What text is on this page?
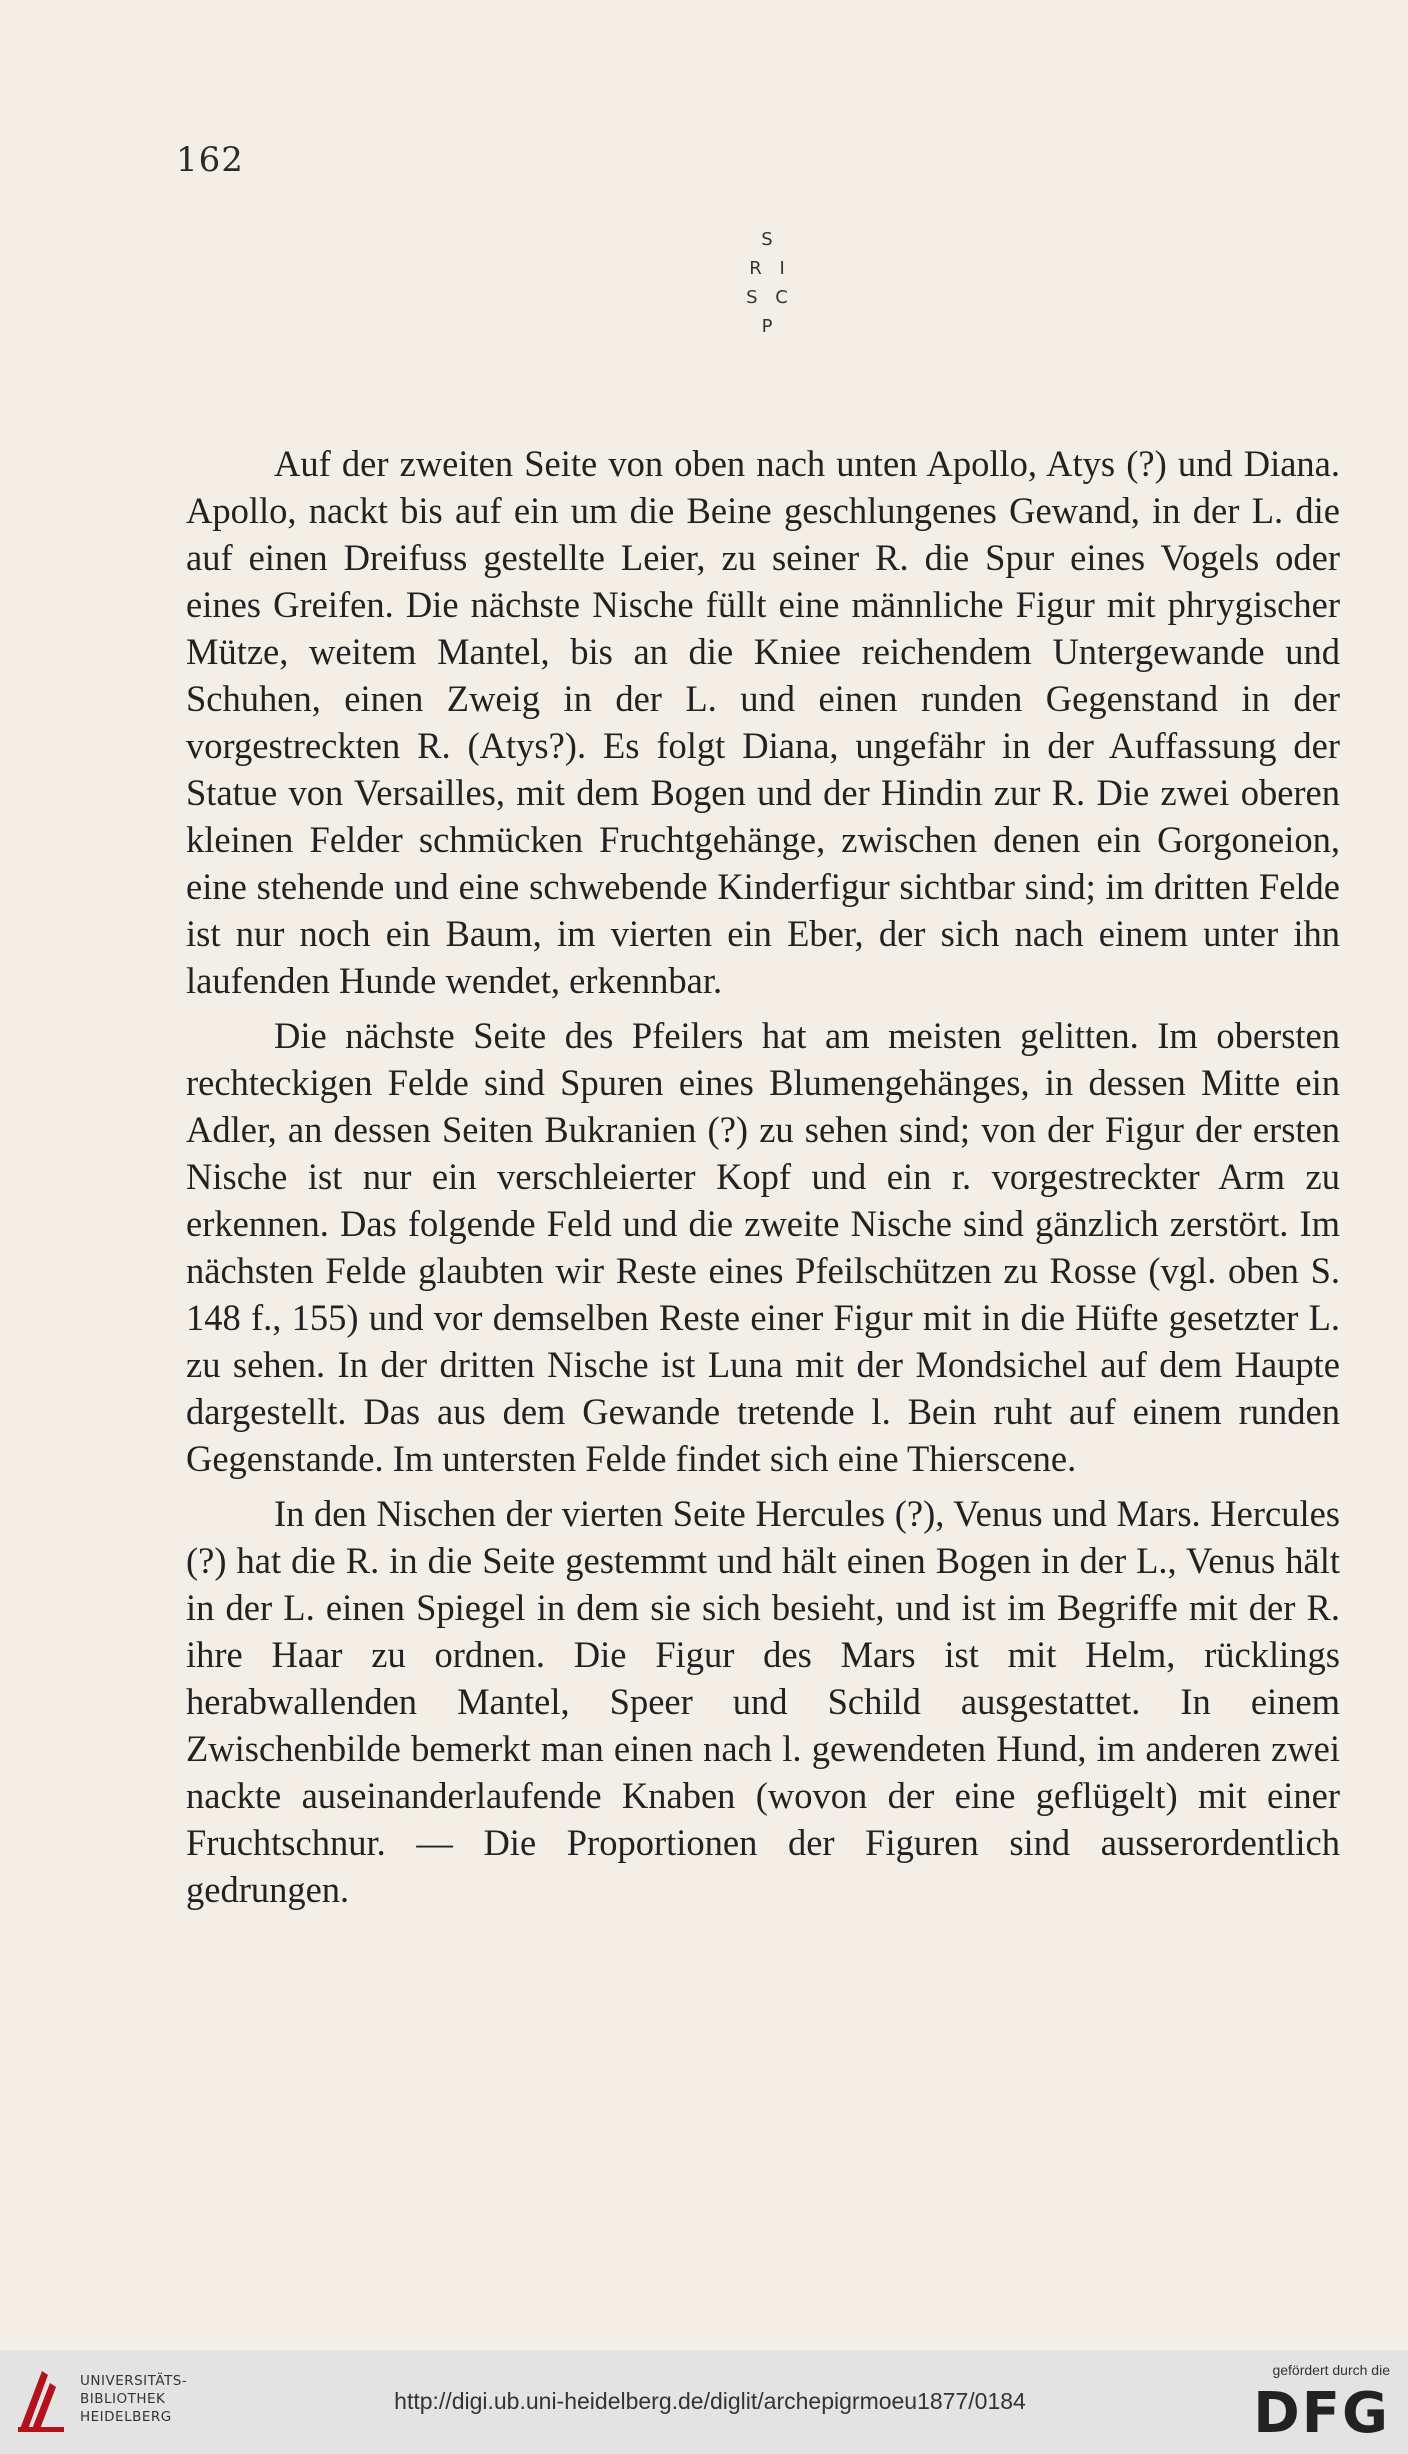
162
S
R I
S C
P

Auf der zweiten Seite von oben nach unten Apollo, Atys (?) und Diana. Apollo, nackt bis auf ein um die Beine geschlungenes Gewand, in der L. die auf einen Dreifuss gestellte Leier, zu seiner R. die Spur eines Vogels oder eines Greifen. Die nächste Nische füllt eine männliche Figur mit phrygischer Mütze, weitem Mantel, bis an die Kniee reichendem Untergewande und Schuhen, einen Zweig in der L. und einen runden Gegenstand in der vorgestreckten R. (Atys?). Es folgt Diana, ungefähr in der Auffassung der Statue von Versailles, mit dem Bogen und der Hindin zur R. Die zwei oberen kleinen Felder schmücken Fruchtgehänge, zwischen denen ein Gorgoneion, eine stehende und eine schwebende Kinderfigur sichtbar sind; im dritten Felde ist nur noch ein Baum, im vierten ein Eber, der sich nach einem unter ihn laufenden Hunde wendet, erkennbar.

Die nächste Seite des Pfeilers hat am meisten gelitten. Im obersten rechteckigen Felde sind Spuren eines Blumengehänges, in dessen Mitte ein Adler, an dessen Seiten Bukranien (?) zu sehen sind; von der Figur der ersten Nische ist nur ein verschleierter Kopf und ein r. vorgestreckter Arm zu erkennen. Das folgende Feld und die zweite Nische sind gänzlich zerstört. Im nächsten Felde glaubten wir Reste eines Pfeilschützen zu Rosse (vgl. oben S. 148 f., 155) und vor demselben Reste einer Figur mit in die Hüfte gesetzter L. zu sehen. In der dritten Nische ist Luna mit der Mondsichel auf dem Haupte dargestellt. Das aus dem Gewande tretende l. Bein ruht auf einem runden Gegenstande. Im untersten Felde findet sich eine Thierscene.

In den Nischen der vierten Seite Hercules (?), Venus und Mars. Hercules (?) hat die R. in die Seite gestemmt und hält einen Bogen in der L., Venus hält in der L. einen Spiegel in dem sie sich besieht, und ist im Begriffe mit der R. ihre Haar zu ordnen. Die Figur des Mars ist mit Helm, rücklings herabwallenden Mantel, Speer und Schild ausgestattet. In einem Zwischenbilde bemerkt man einen nach l. gewendeten Hund, im anderen zwei nackte auseinanderlaufende Knaben (wovon der eine geflügelt) mit einer Fruchtschnur. — Die Proportionen der Figuren sind ausserordentlich gedrungen.

UNIVERSITÄTS-
BIBLIOTHEK
HEIDELBERG
http://digi.ub.uni-heidelberg.de/diglit/archepigrmoeu1877/0184
gefördert durch die
DFG
